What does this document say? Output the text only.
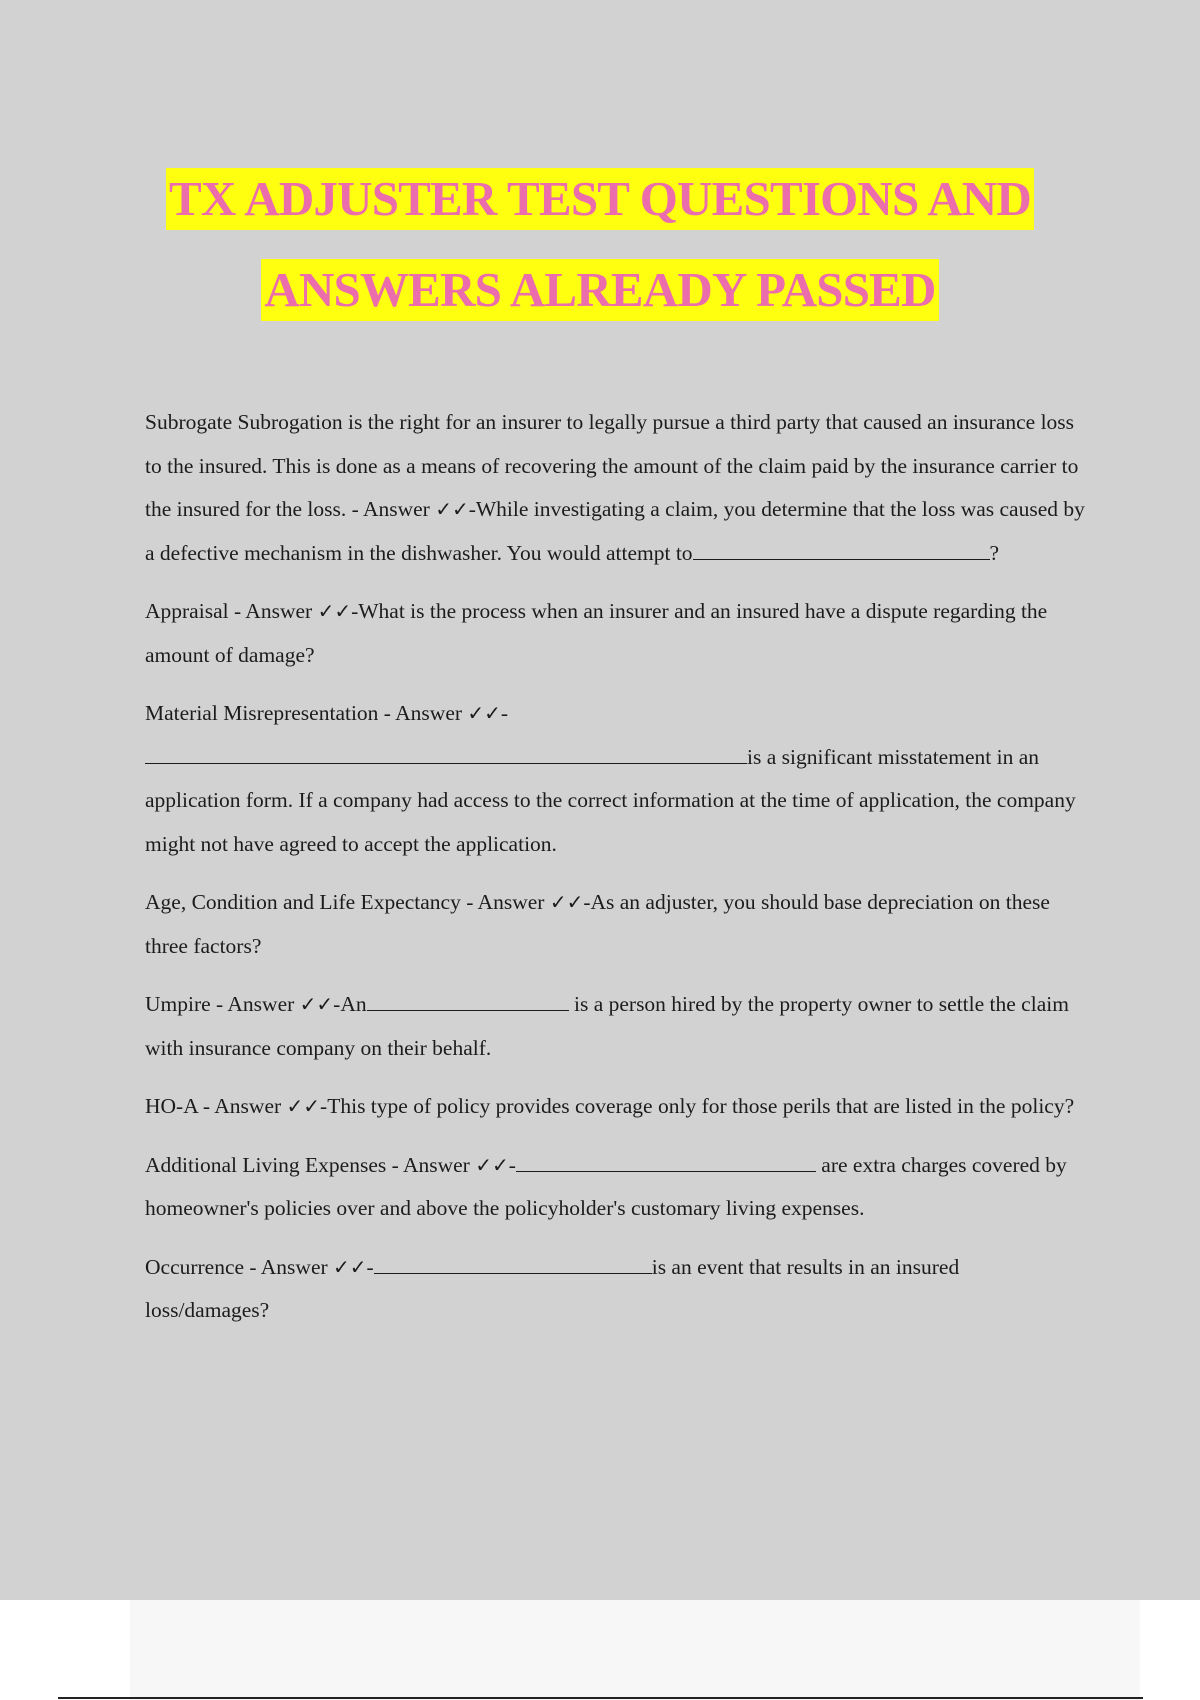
TX ADJUSTER TEST QUESTIONS AND
ANSWERS ALREADY PASSED

Subrogate Subrogation is the right for an insurer to legally pursue a third party that caused an insurance loss to the insured. This is done as a means of recovering the amount of the claim paid by the insurance carrier to the insured for the loss. - Answer ✓✓-While investigating a claim, you determine that the loss was caused by a defective mechanism in the dishwasher. You would attempt to	?

Appraisal - Answer ✓✓-What is the process when an insurer and an insured have a dispute regarding the amount of damage?

Material Misrepresentation - Answer ✓✓-
is a significant misstatement in an application form. If a company had access to the correct information at the time of application, the company might not have agreed to accept the application.

Age, Condition and Life Expectancy - Answer ✓✓-As an adjuster, you should base depreciation on these three factors?

Umpire - Answer ✓✓-An	is a person hired by the property owner to settle the claim with insurance company on their behalf.

HO-A - Answer ✓✓-This type of policy provides coverage only for those perils that are listed in the policy?

Additional Living Expenses - Answer ✓✓-	are extra charges covered by homeowner's policies over and above the policyholder's customary living expenses.

Occurrence - Answer ✓✓-	is an event that results in an insured loss/damages?
